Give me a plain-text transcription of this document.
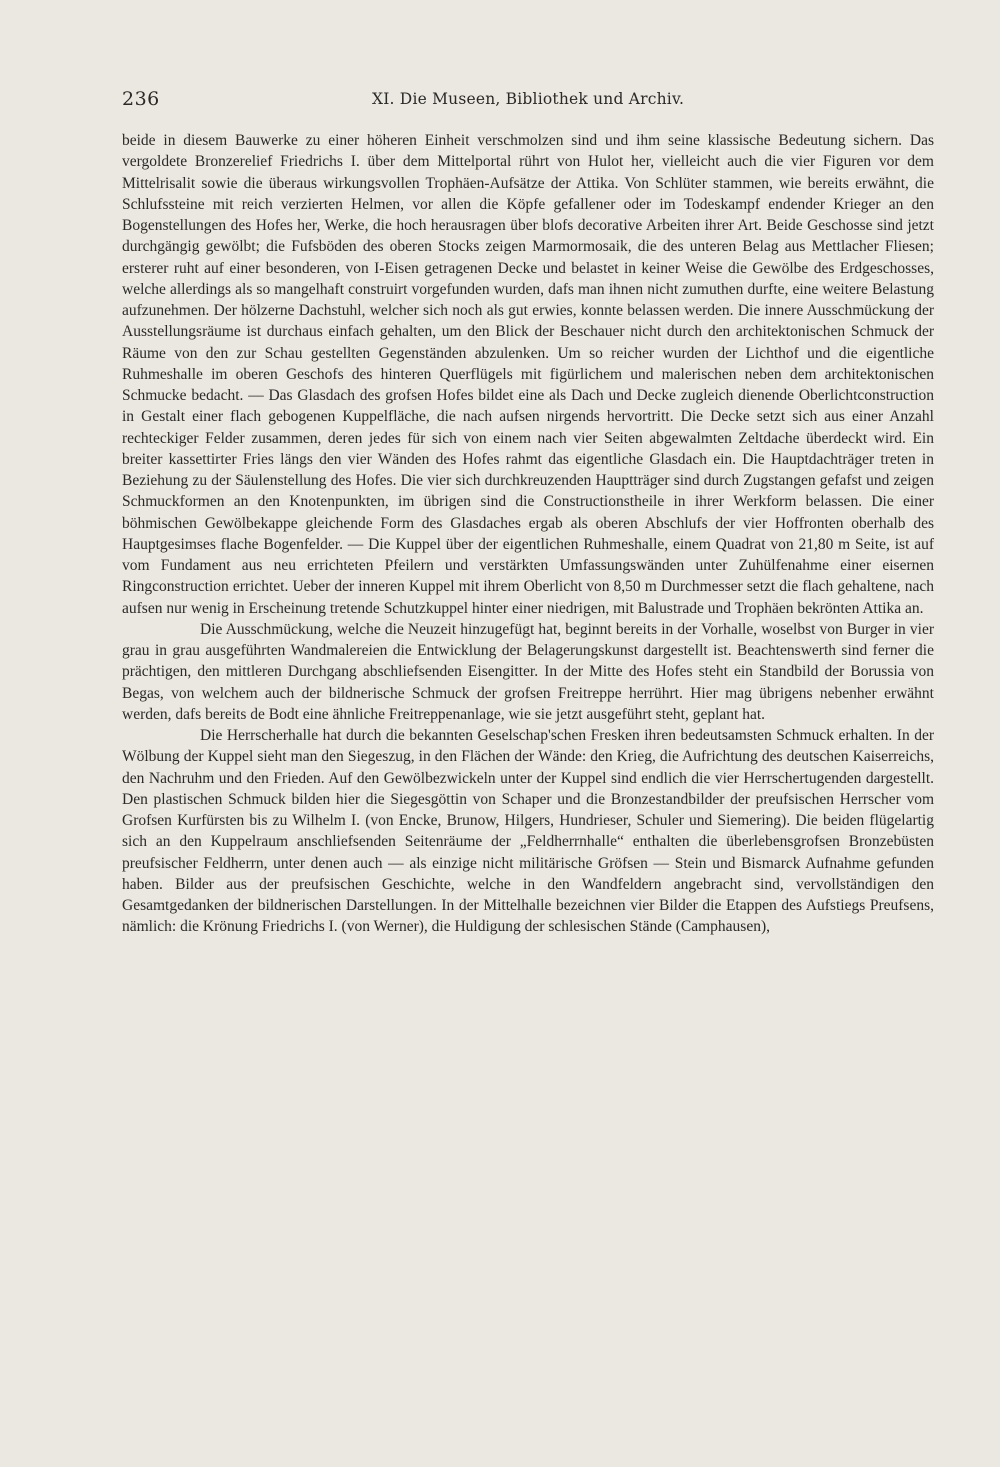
236	XI. Die Museen, Bibliothek und Archiv.

beide in diesem Bauwerke zu einer höheren Einheit verschmolzen sind und ihm seine klassische Bedeutung sichern. Das vergoldete Bronzerelief Friedrichs I. über dem Mittelportal rührt von Hulot her, vielleicht auch die vier Figuren vor dem Mittelrisalit sowie die überaus wirkungsvollen Trophäen-Aufsätze der Attika. Von Schlüter stammen, wie bereits erwähnt, die Schlufssteine mit reich verzierten Helmen, vor allen die Köpfe gefallener oder im Todeskampf endender Krieger an den Bogenstellungen des Hofes her, Werke, die hoch herausragen über blofs decorative Arbeiten ihrer Art. Beide Geschosse sind jetzt durchgängig gewölbt; die Fufsböden des oberen Stocks zeigen Marmormosaik, die des unteren Belag aus Mettlacher Fliesen; ersterer ruht auf einer besonderen, von I-Eisen getragenen Decke und belastet in keiner Weise die Gewölbe des Erdgeschosses, welche allerdings als so mangelhaft construirt vorgefunden wurden, dafs man ihnen nicht zumuthen durfte, eine weitere Belastung aufzunehmen. Der hölzerne Dachstuhl, welcher sich noch als gut erwies, konnte belassen werden. Die innere Ausschmückung der Ausstellungsräume ist durchaus einfach gehalten, um den Blick der Beschauer nicht durch den architektonischen Schmuck der Räume von den zur Schau gestellten Gegenständen abzulenken. Um so reicher wurden der Lichthof und die eigentliche Ruhmeshalle im oberen Geschofs des hinteren Querflügels mit figürlichem und malerischen neben dem architektonischen Schmucke bedacht. — Das Glasdach des grofsen Hofes bildet eine als Dach und Decke zugleich dienende Oberlichtconstruction in Gestalt einer flach gebogenen Kuppelfläche, die nach aufsen nirgends hervortritt. Die Decke setzt sich aus einer Anzahl rechteckiger Felder zusammen, deren jedes für sich von einem nach vier Seiten abgewalmten Zeltdache überdeckt wird. Ein breiter kassettirter Fries längs den vier Wänden des Hofes rahmt das eigentliche Glasdach ein. Die Hauptdachträger treten in Beziehung zu der Säulenstellung des Hofes. Die vier sich durchkreuzenden Hauptträger sind durch Zugstangen gefafst und zeigen Schmuckformen an den Knotenpunkten, im übrigen sind die Constructionstheile in ihrer Werkform belassen. Die einer böhmischen Gewölbekappe gleichende Form des Glasdaches ergab als oberen Abschlufs der vier Hoffronten oberhalb des Hauptgesimses flache Bogenfelder. — Die Kuppel über der eigentlichen Ruhmeshalle, einem Quadrat von 21,80 m Seite, ist auf vom Fundament aus neu errichteten Pfeilern und verstärkten Umfassungswänden unter Zuhülfenahme einer eisernen Ringconstruction errichtet. Ueber der inneren Kuppel mit ihrem Oberlicht von 8,50 m Durchmesser setzt die flach gehaltene, nach aufsen nur wenig in Erscheinung tretende Schutzkuppel hinter einer niedrigen, mit Balustrade und Trophäen bekrönten Attika an.

Die Ausschmückung, welche die Neuzeit hinzugefügt hat, beginnt bereits in der Vorhalle, woselbst von Burger in vier grau in grau ausgeführten Wandmalereien die Entwicklung der Belagerungskunst dargestellt ist. Beachtenswerth sind ferner die prächtigen, den mittleren Durchgang abschliefsenden Eisengitter. In der Mitte des Hofes steht ein Standbild der Borussia von Begas, von welchem auch der bildnerische Schmuck der grofsen Freitreppe herrührt. Hier mag übrigens nebenher erwähnt werden, dafs bereits de Bodt eine ähnliche Freitreppenanlage, wie sie jetzt ausgeführt steht, geplant hat.

Die Herrscherhalle hat durch die bekannten Geselschap'schen Fresken ihren bedeutsamsten Schmuck erhalten. In der Wölbung der Kuppel sieht man den Siegeszug, in den Flächen der Wände: den Krieg, die Aufrichtung des deutschen Kaiserreichs, den Nachruhm und den Frieden. Auf den Gewölbezwickeln unter der Kuppel sind endlich die vier Herrschertugenden dargestellt. Den plastischen Schmuck bilden hier die Siegesgöttin von Schaper und die Bronzestandbilder der preufsischen Herrscher vom Grofsen Kurfürsten bis zu Wilhelm I. (von Encke, Brunow, Hilgers, Hundrieser, Schuler und Siemering). Die beiden flügelartig sich an den Kuppelraum anschliefsenden Seitenräume der „Feldherrnhalle“ enthalten die überlebensgrofsen Bronzebüsten preufsischer Feldherrn, unter denen auch — als einzige nicht militärische Gröfsen — Stein und Bismarck Aufnahme gefunden haben. Bilder aus der preufsischen Geschichte, welche in den Wandfeldern angebracht sind, vervollständigen den Gesamtgedanken der bildnerischen Darstellungen. In der Mittelhalle bezeichnen vier Bilder die Etappen des Aufstiegs Preufsens, nämlich: die Krönung Friedrichs I. (von Werner), die Huldigung der schlesischen Stände (Camphausen),
